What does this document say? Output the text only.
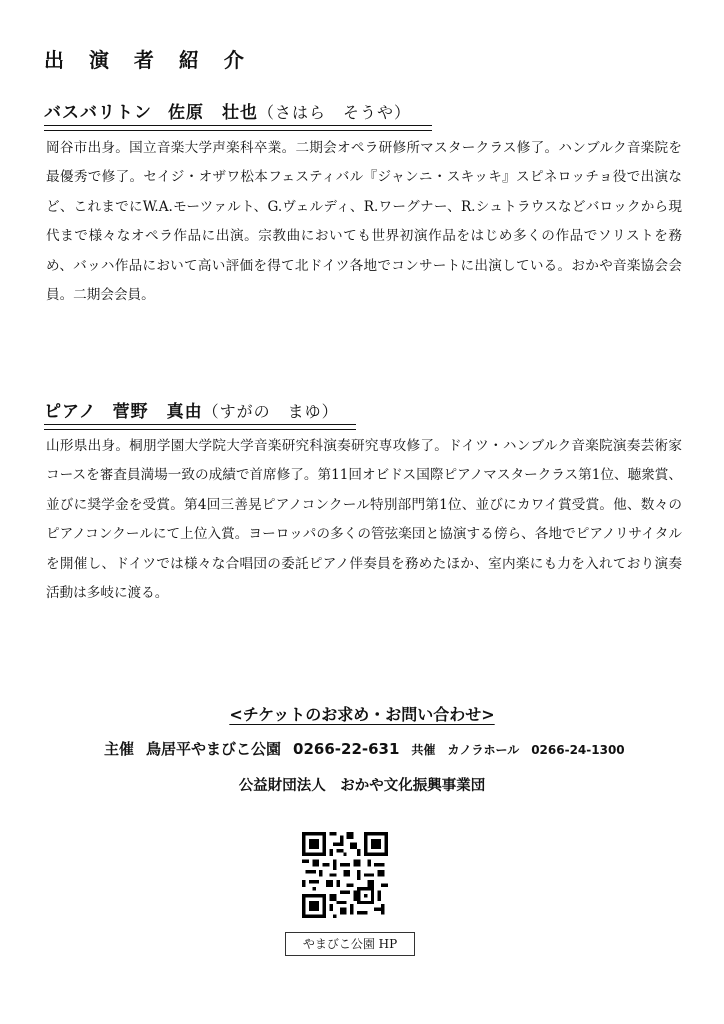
出 演 者 紹 介
バスバリトン 佐原　壮也（さはら　そうや）
岡谷市出身。国立音楽大学声楽科卒業。二期会オペラ研修所マスタークラス修了。ハンブルク音楽院を最優秀で修了。セイジ・オザワ松本フェスティバル『ジャンニ・スキッキ』スピネロッチョ役で出演など、これまでにW.A.モーツァルト、G.ヴェルディ、R.ワーグナー、R.シュトラウスなどバロックから現代まで様々なオペラ作品に出演。宗教曲においても世界初演作品をはじめ多くの作品でソリストを務め、バッハ作品において高い評価を得て北ドイツ各地でコンサートに出演している。おかや音楽協会会員。二期会会員。
ピアノ 菅野　真由（すがの　まゆ）
山形県出身。桐朋学園大学院大学音楽研究科演奏研究専攻修了。ドイツ・ハンブルク音楽院演奏芸術家コースを審査員満場一致の成績で首席修了。第11回オビドス国際ピアノマスタークラス第1位、聴衆賞、並びに奨学金を受賞。第4回三善晃ピアノコンクール特別部門第1位、並びにカワイ賞受賞。他、数々のピアノコンクールにて上位入賞。ヨーロッパの多くの管弦楽団と協演する傍ら、各地でピアノリサイタルを開催し、ドイツでは様々な合唱団の委託ピアノ伴奏員を務めたほか、室内楽にも力を入れており演奏活動は多岐に渡る。
<チケットのお求め・お問い合わせ>
主催 鳥居平やまびこ公園 0266-22-631 共催 カノラホール 0266-24-1300
公益財団法人　おかや文化振興事業団
やまびこ公園 HP
